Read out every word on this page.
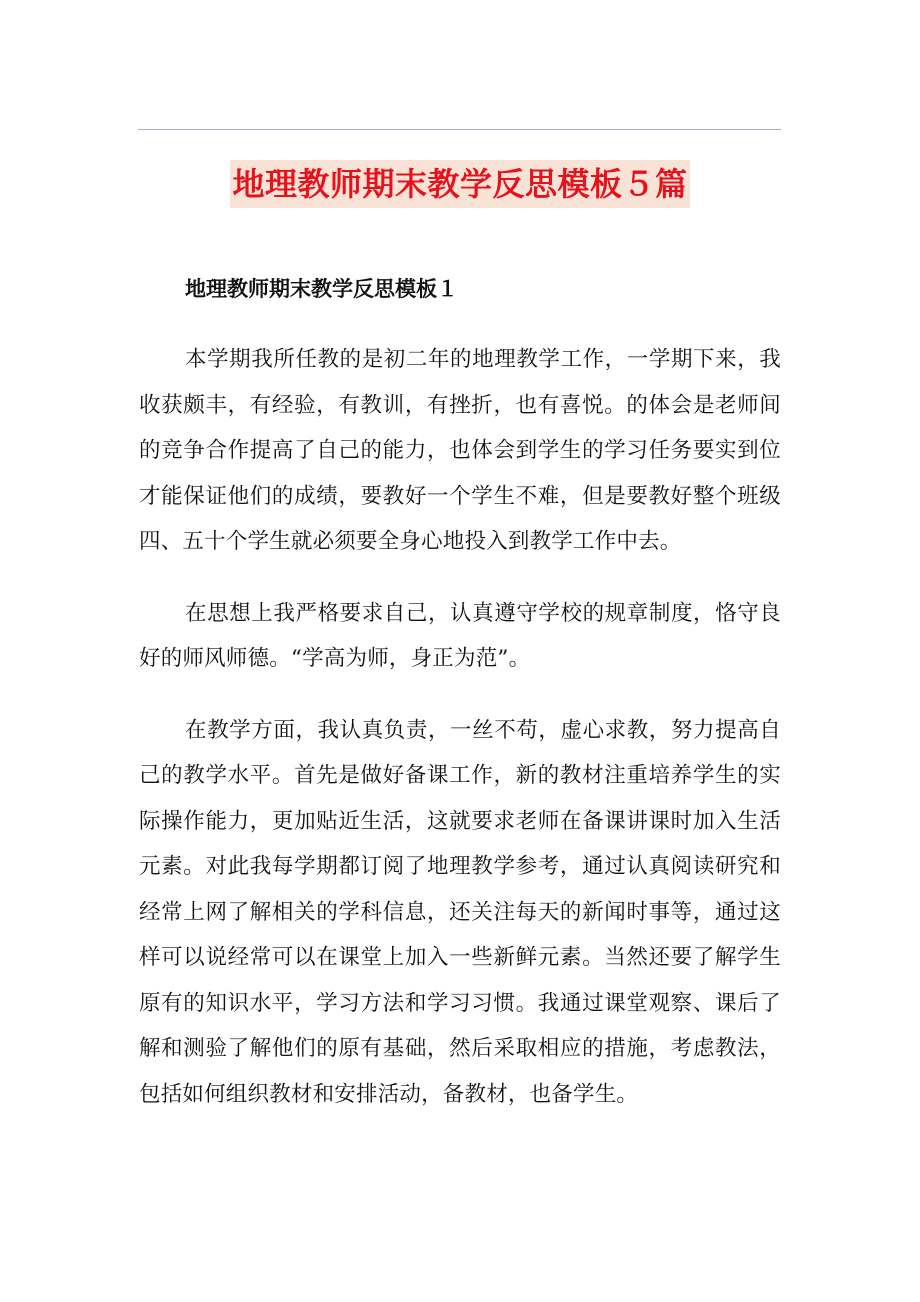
地理教师期末教学反思模板５篇

地理教师期末教学反思模板１

本学期我所任教的是初二年的地理教学工作，一学期下来，我收获颇丰，有经验，有教训，有挫折，也有喜悦。的体会是老师间的竞争合作提高了自己的能力，也体会到学生的学习任务要实到位才能保证他们的成绩，要教好一个学生不难，但是要教好整个班级四、五十个学生就必须要全身心地投入到教学工作中去。

在思想上我严格要求自己，认真遵守学校的规章制度，恪守良好的师风师德。“学高为师，身正为范”。

在教学方面，我认真负责，一丝不苟，虚心求教，努力提高自己的教学水平。首先是做好备课工作，新的教材注重培养学生的实际操作能力，更加贴近生活，这就要求老师在备课讲课时加入生活元素。对此我每学期都订阅了地理教学参考，通过认真阅读研究和经常上网了解相关的学科信息，还关注每天的新闻时事等，通过这样可以说经常可以在课堂上加入一些新鲜元素。当然还要了解学生原有的知识水平，学习方法和学习习惯。我通过课堂观察、课后了解和测验了解他们的原有基础，然后采取相应的措施，考虑教法，包括如何组织教材和安排活动，备教材，也备学生。
